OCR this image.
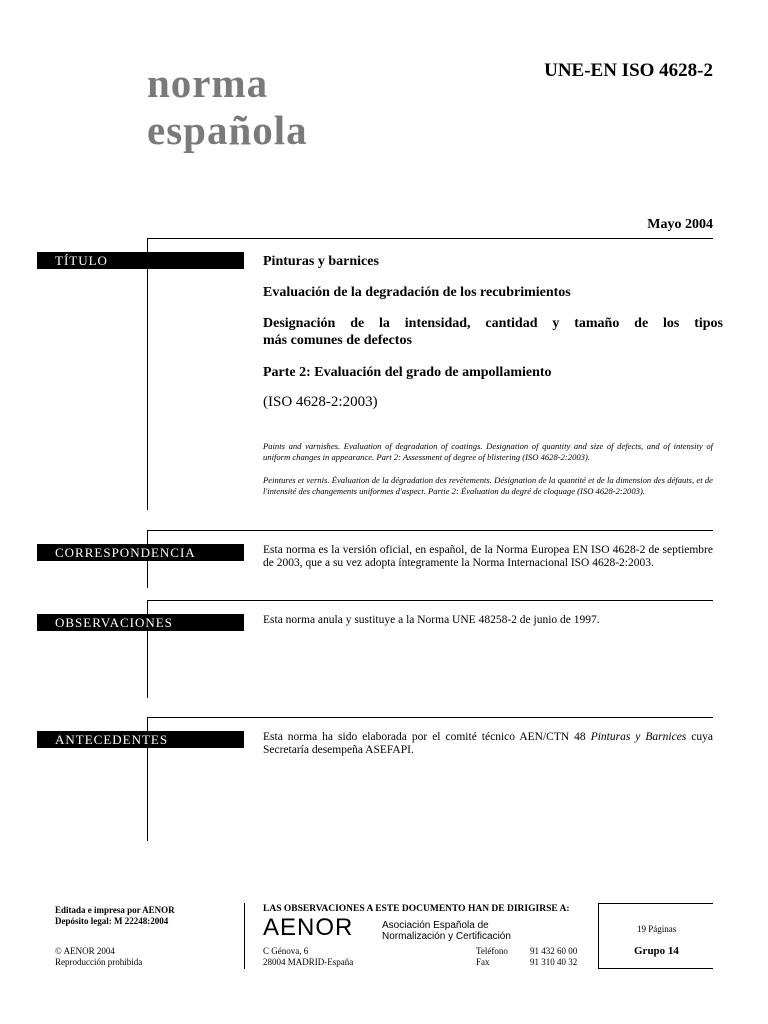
norma
española
UNE-EN ISO 4628-2
Mayo 2004
TÍTULO	Pinturas y barnices
Evaluación de la degradación de los recubrimientos
Designación de la intensidad, cantidad y tamaño de los tipos
más comunes de defectos
Parte 2: Evaluación del grado de ampollamiento
(ISO 4628-2:2003)
Paints and varnishes. Evaluation of degradation of coatings. Designation of quantity and size of defects, and of intensity of uniform changes in appearance. Part 2: Assessment of degree of blistering (ISO 4628-2:2003).
Peintures et vernis. Évaluation de la dégradation des revêtements. Désignation de la quantité et de la dimension des défauts, et de l'intensité des changements uniformes d'aspect. Partie 2: Évaluation du degré de cloquage (ISO 4628-2:2003).
CORRESPONDENCIA	Esta norma es la versión oficial, en español, de la Norma Europea EN ISO 4628-2 de septiembre de 2003, que a su vez adopta íntegramente la Norma Internacional ISO 4628-2:2003.
OBSERVACIONES	Esta norma anula y sustituye a la Norma UNE 48258-2 de junio de 1997.
ANTECEDENTES	Esta norma ha sido elaborada por el comité técnico AEN/CTN 48 Pinturas y Barnices cuya Secretaría desempeña ASEFAPI.
Editada e impresa por AENOR
Depósito legal: M 22248:2004
© AENOR 2004
Reproducción prohibida
LAS OBSERVACIONES A ESTE DOCUMENTO HAN DE DIRIGIRSE A:
AENOR	Asociación Española de
Normalización y Certificación
C Génova, 6
28004 MADRID-España
Teléfono 91 432 60 00
Fax	91 310 40 32
19 Páginas
Grupo 14
